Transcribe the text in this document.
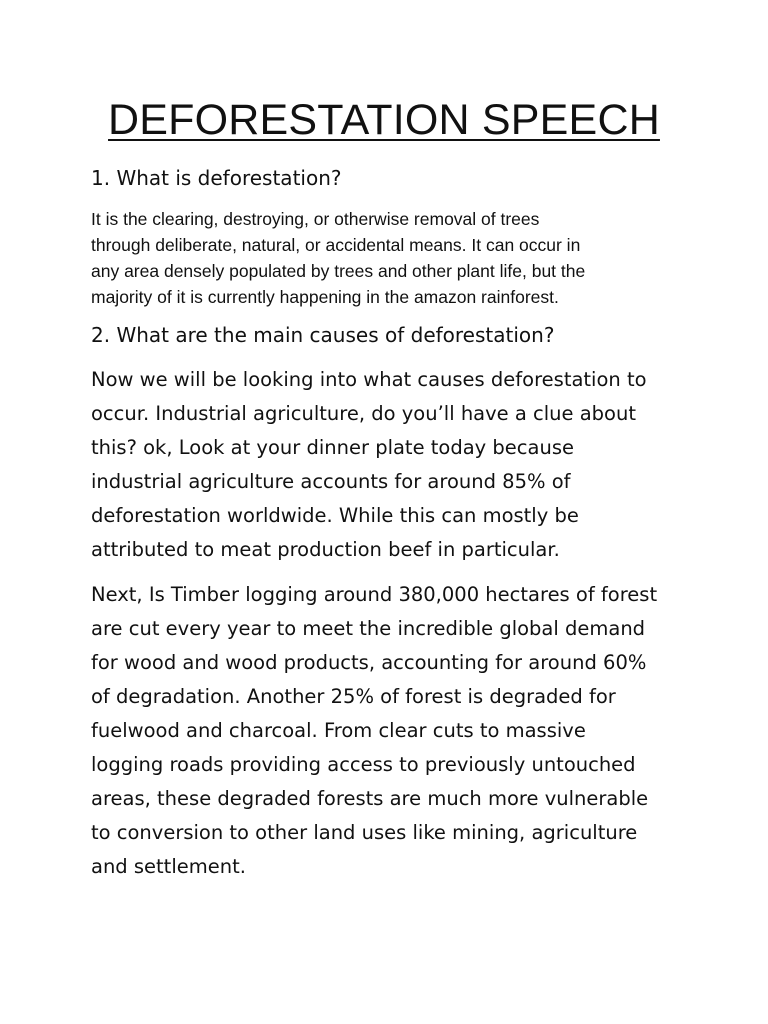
DEFORESTATION SPEECH

1. What is deforestation?

It is the clearing, destroying, or otherwise removal of trees
through deliberate, natural, or accidental means. It can occur in
any area densely populated by trees and other plant life, but the
majority of it is currently happening in the amazon rainforest.

2. What are the main causes of deforestation?

Now we will be looking into what causes deforestation to
occur. Industrial agriculture, do you’ll have a clue about
this? ok, Look at your dinner plate today because
industrial agriculture accounts for around 85% of
deforestation worldwide. While this can mostly be
attributed to meat production beef in particular.

Next, Is Timber logging around 380,000 hectares of forest
are cut every year to meet the incredible global demand
for wood and wood products, accounting for around 60%
of degradation. Another 25% of forest is degraded for
fuelwood and charcoal. From clear cuts to massive
logging roads providing access to previously untouched
areas, these degraded forests are much more vulnerable
to conversion to other land uses like mining, agriculture
and settlement.
